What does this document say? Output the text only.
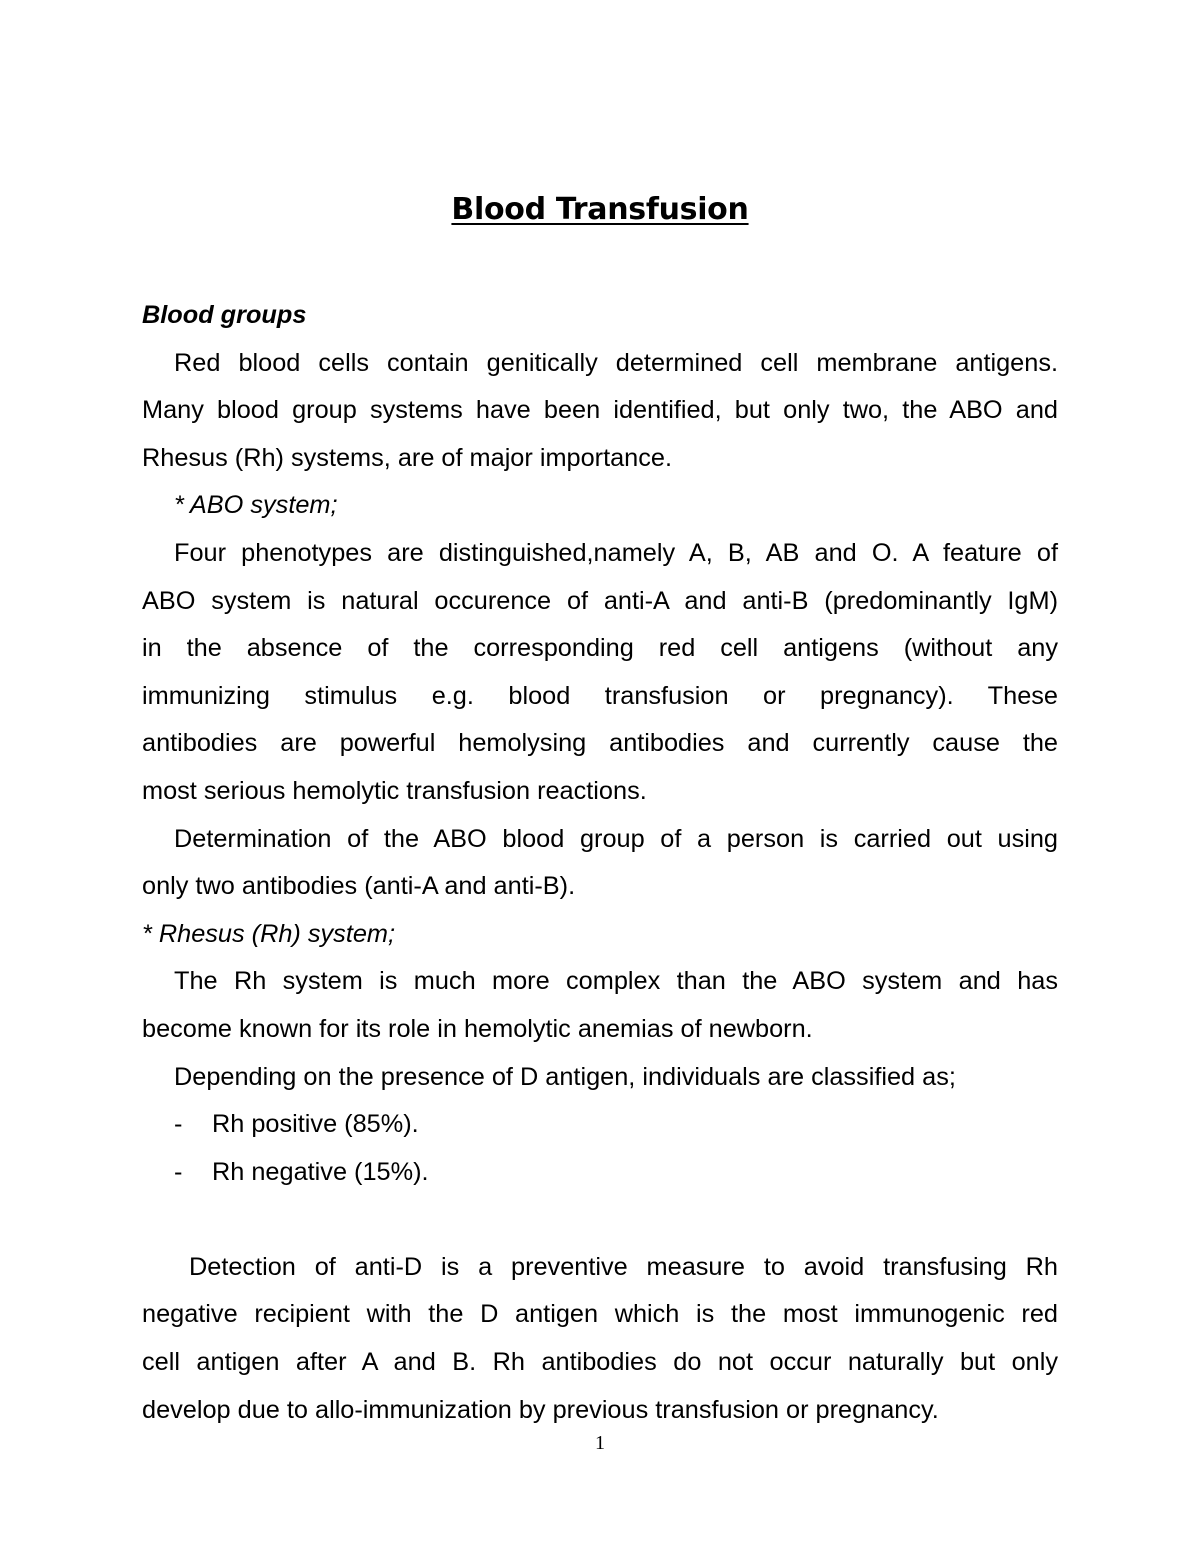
Blood Transfusion
Blood groups
Red blood cells contain genitically determined cell membrane antigens.
Many blood group systems have been identified, but only two, the ABO and
Rhesus (Rh) systems, are of major importance.
* ABO system;
Four phenotypes are distinguished,namely A, B, AB and O. A feature of
ABO system is natural occurence of anti-A and anti-B (predominantly IgM)
in the absence of the corresponding red cell antigens (without any
immunizing stimulus e.g. blood transfusion or pregnancy). These
antibodies are powerful hemolysing antibodies and currently cause the
most serious hemolytic transfusion reactions.
Determination of the ABO blood group of a person is carried out using
only two antibodies (anti-A and anti-B).
* Rhesus (Rh) system;
The Rh system is much more complex than the ABO system and has
become known for its role in hemolytic anemias of newborn.
Depending on the presence of D antigen, individuals are classified as;
- Rh positive (85%).
- Rh negative (15%).
Detection of anti-D is a preventive measure to avoid transfusing Rh
negative recipient with the D antigen which is the most immunogenic red
cell antigen after A and B. Rh antibodies do not occur naturally but only
develop due to allo-immunization by previous transfusion or pregnancy.
1
